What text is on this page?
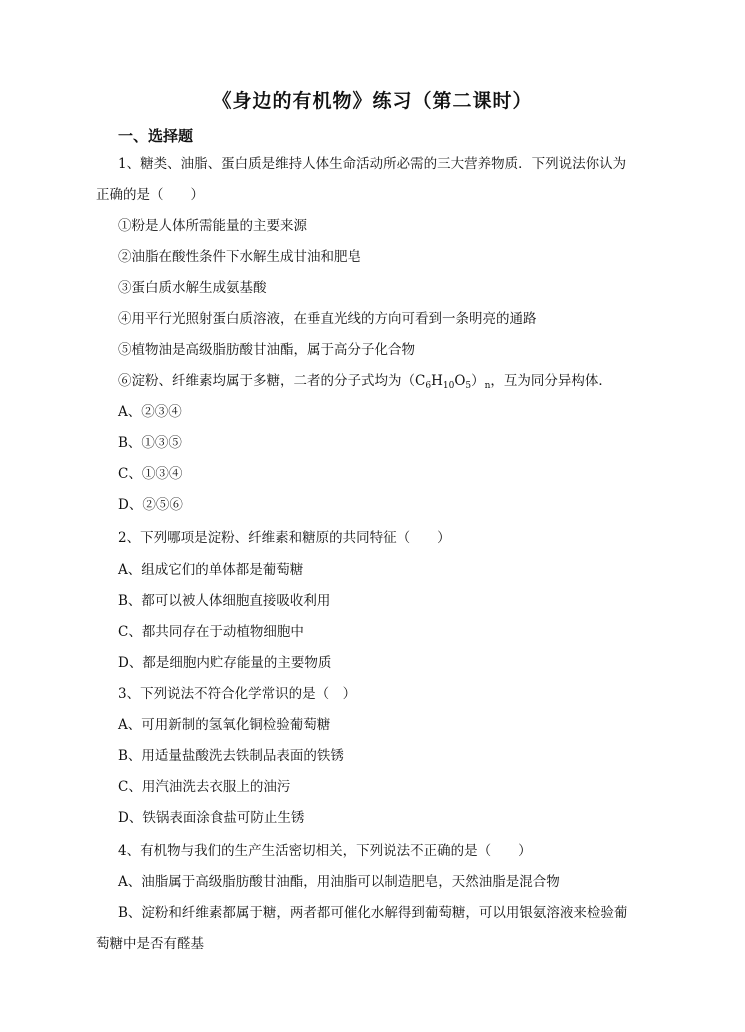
《身边的有机物》练习（第二课时）
一、选择题
1、糖类、油脂、蛋白质是维持人体生命活动所必需的三大营养物质．下列说法你认为
正确的是（　　）
①粉是人体所需能量的主要来源
②油脂在酸性条件下水解生成甘油和肥皂
③蛋白质水解生成氨基酸
④用平行光照射蛋白质溶液，在垂直光线的方向可看到一条明亮的通路
⑤植物油是高级脂肪酸甘油酯，属于高分子化合物
⑥淀粉、纤维素均属于多糖，二者的分子式均为$(C_6H_{10}O_5)_n$，互为同分异构体．
A、②③④
B、①③⑤
C、①③④
D、②⑤⑥
2、下列哪项是淀粉、纤维素和糖原的共同特征（　　）
A、组成它们的单体都是葡萄糖
B、都可以被人体细胞直接吸收利用
C、都共同存在于动植物细胞中
D、都是细胞内贮存能量的主要物质
3、下列说法不符合化学常识的是（　）
A、可用新制的氢氧化铜检验葡萄糖
B、用适量盐酸洗去铁制品表面的铁锈
C、用汽油洗去衣服上的油污
D、铁锅表面涂食盐可防止生锈
4、有机物与我们的生产生活密切相关，下列说法不正确的是（　　）
A、油脂属于高级脂肪酸甘油酯，用油脂可以制造肥皂，天然油脂是混合物
B、淀粉和纤维素都属于糖，两者都可催化水解得到葡萄糖，可以用银氨溶液来检验葡
萄糖中是否有醛基
